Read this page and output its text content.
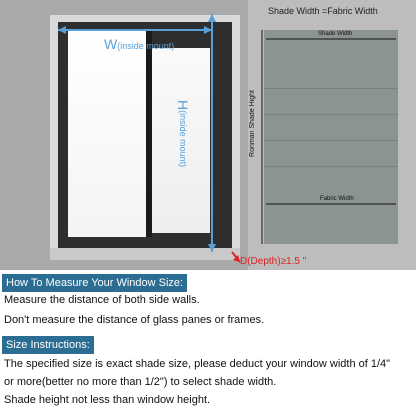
W(inside mount)
H(inside mount)
D(Depth)≥1.5 "
Shade Width =Fabric Width
Shade Width
Ronman Shade Hight
Fabric Width
How To Measure Your Window Size:
Measure the distance of both side walls.
Don't measure the distance of glass panes or frames.
Size Instructions:
The specified size is exact shade size, please deduct your window width of 1/4"
or more(better no more than 1/2") to select shade width.
Shade height not less than window height.
